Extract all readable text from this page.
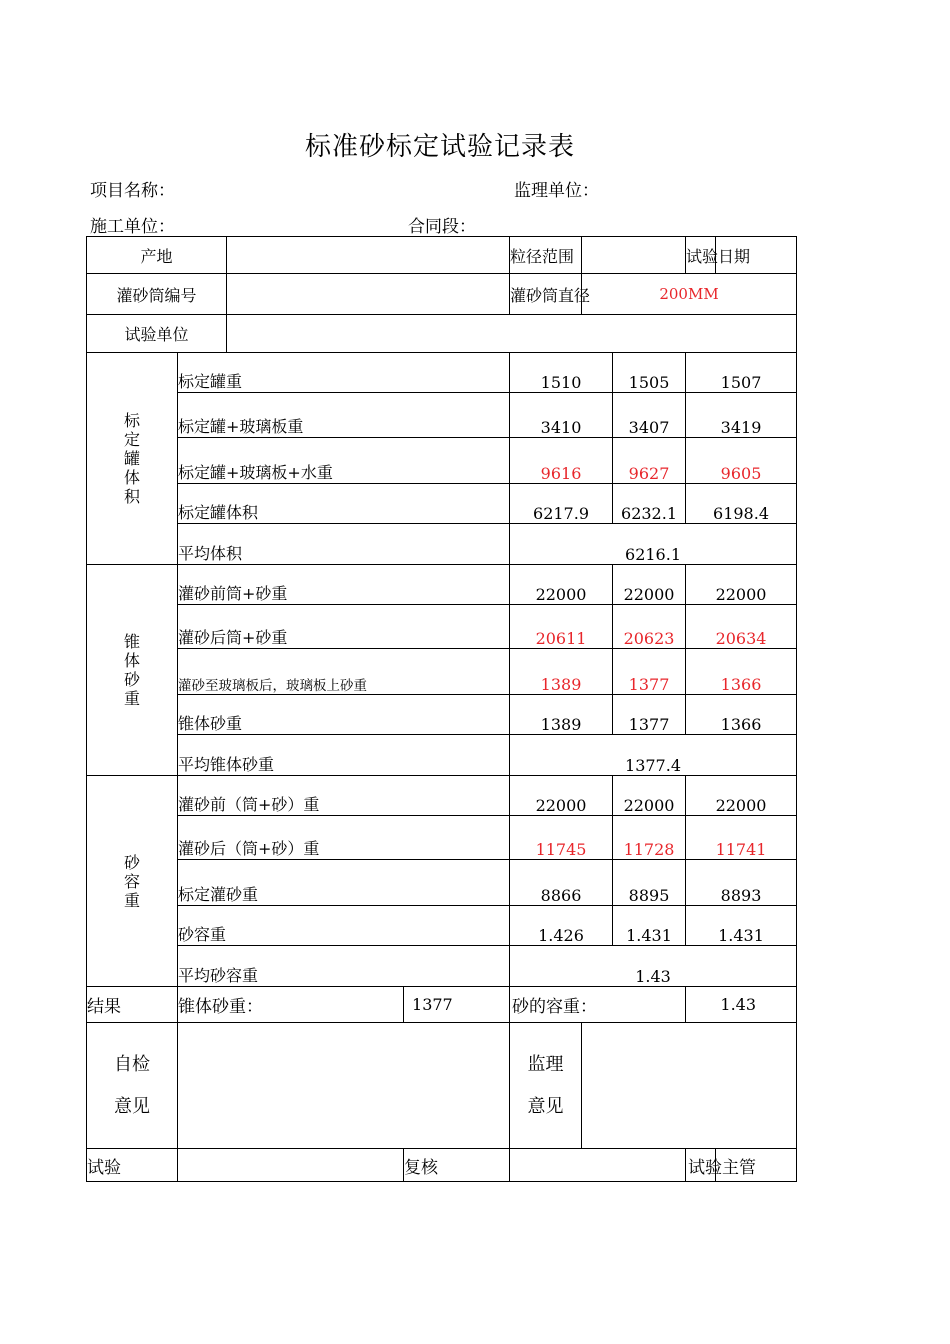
标准砂标定试验记录表
项目名称：	监理单位：
施工单位：	合同段：
产地				粒径范围			试验日期	
灌砂筒编号				灌砂筒直径	200MM			
试验单位								

标
定
罐
体
积	标定罐重			1510		1505	1507	
	标定罐+玻璃板重			3410		3407	3419	
	标定罐+玻璃板+水重			9616		9627	9605	
	标定罐体积			6217.9		6232.1	6198.4	
	平均体积			6216.1				

锥
体
砂
重	灌砂前筒+砂重			22000		22000	22000	
	灌砂后筒+砂重			20611		20623	20634	
	灌砂至玻璃板后，玻璃板上砂重			1389		1377	1366	
	锥体砂重			1389		1377	1366	
	平均锥体砂重			1377.4				

砂
容
重	灌砂前（筒+砂）重			22000		22000	22000	
	灌砂后（筒+砂）重			11745		11728	11741	
	标定灌砂重			8866		8895	8893	
	砂容重			1.426		1.431	1.431	
	平均砂容重			1.43				
结果	锥体砂重：		1377	砂的容重：			1.43	

自检
意见				监理
意见				

试验			复核				试验主管	
